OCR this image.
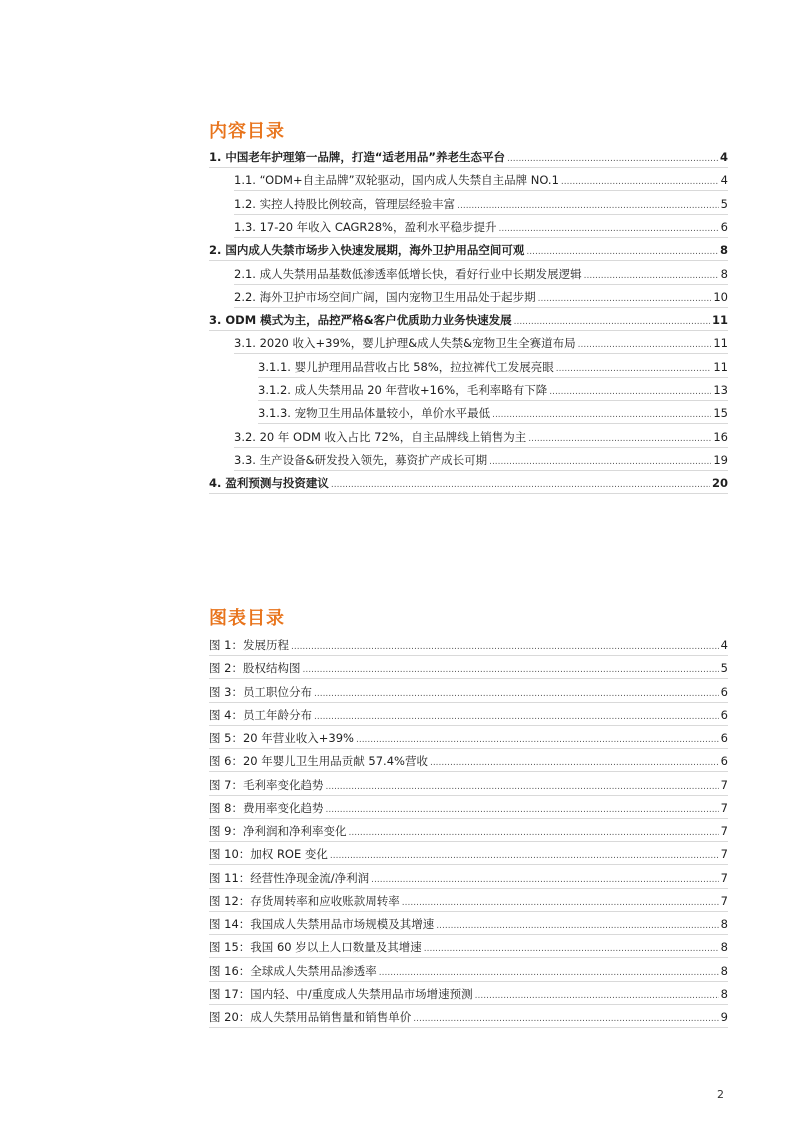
内容目录
1. 中国老年护理第一品牌，打造“适老用品”养老生态平台 .....	4
1.1. “ODM+自主品牌”双轮驱动，国内成人失禁自主品牌 NO.1 .....	4
1.2. 实控人持股比例较高，管理层经验丰富 .....	5
1.3. 17-20 年收入 CAGR28%，盈利水平稳步提升 .....	6
2. 国内成人失禁市场步入快速发展期，海外卫护用品空间可观 .....	8
2.1. 成人失禁用品基数低渗透率低增长快，看好行业中长期发展逻辑 .....	8
2.2. 海外卫护市场空间广阔，国内宠物卫生用品处于起步期 .....	10
3. ODM 模式为主，品控严格&客户优质助力业务快速发展 .....	11
3.1. 2020 收入+39%，婴儿护理&成人失禁&宠物卫生全赛道布局 .....	11
3.1.1. 婴儿护理用品营收占比 58%，拉拉裤代工发展亮眼 .....	11
3.1.2. 成人失禁用品 20 年营收+16%，毛利率略有下降 .....	13
3.1.3. 宠物卫生用品体量较小，单价水平最低 .....	15
3.2. 20 年 ODM 收入占比 72%，自主品牌线上销售为主 .....	16
3.3. 生产设备&研发投入领先，募资扩产成长可期 .....	19
4. 盈利预测与投资建议 .....	20
图表目录
图 1：发展历程 .....	4
图 2：股权结构图 .....	5
图 3：员工职位分布 .....	6
图 4：员工年龄分布 .....	6
图 5：20 年营业收入+39% .....	6
图 6：20 年婴儿卫生用品贡献 57.4%营收 .....	6
图 7：毛利率变化趋势 .....	7
图 8：费用率变化趋势 .....	7
图 9：净利润和净利率变化 .....	7
图 10：加权 ROE 变化 .....	7
图 11：经营性净现金流/净利润 .....	7
图 12：存货周转率和应收账款周转率 .....	7
图 14：我国成人失禁用品市场规模及其增速 .....	8
图 15：我国 60 岁以上人口数量及其增速 .....	8
图 16：全球成人失禁用品渗透率 .....	8
图 17：国内轻、中/重度成人失禁用品市场增速预测 .....	8
图 20：成人失禁用品销售量和销售单价 .....	9
2
